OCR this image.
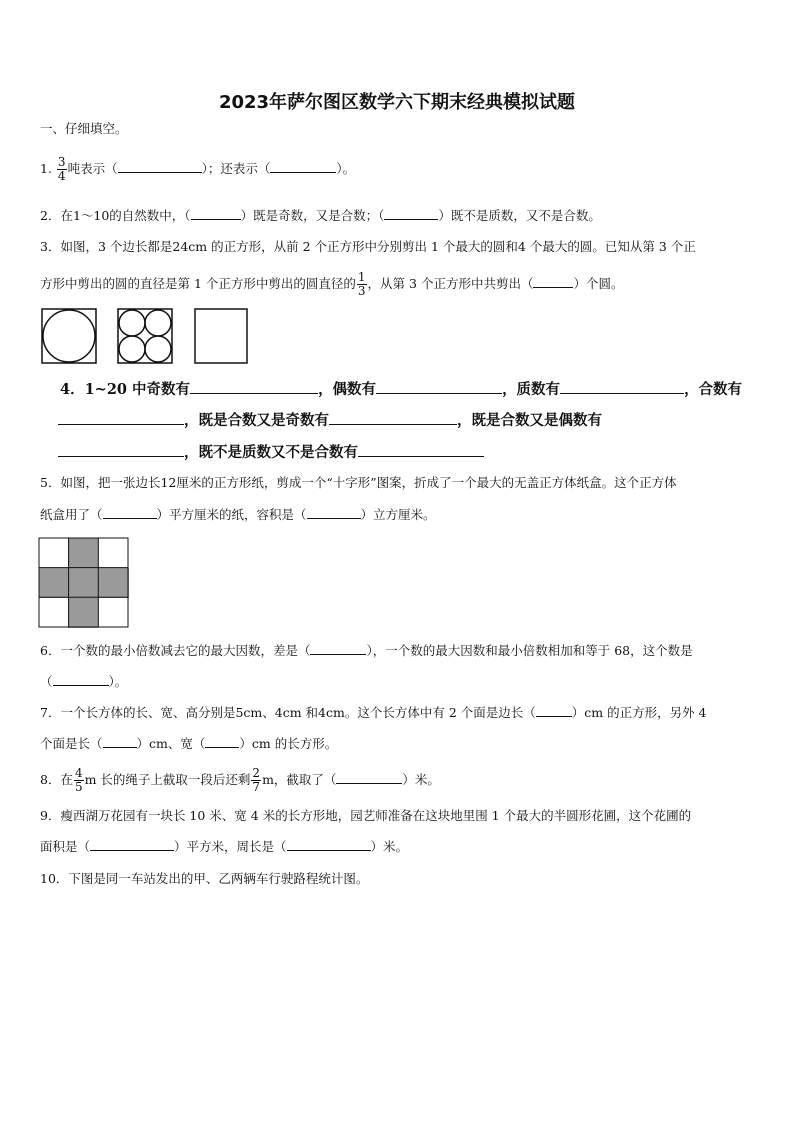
2023年萨尔图区数学六下期末经典模拟试题
一、仔细填空。
1. $\frac{3}{4}$ 吨表示（	）；还表示（	）。
2．在1～10的自然数中，（	）既是奇数，又是合数；（	）既不是质数，又不是合数。
3．如图，3 个边长都是24cm 的正方形，从前 2 个正方形中分别剪出 1 个最大的圆和4 个最大的圆。已知从第 3 个正
方形中剪出的圆的直径是第 1 个正方形中剪出的圆直径的 $\frac{1}{3}$ ，从第 3 个正方形中共剪出（	）个圆。
4．1~20 中奇数有	，偶数有	，质数有	，合数有
，既是合数又是奇数有	，既是合数又是偶数有
，既不是质数又不是合数有
5．如图，把一张边长12厘米的正方形纸，剪成一个“十字形”图案，折成了一个最大的无盖正方体纸盒。这个正方体
纸盒用了（	）平方厘米的纸，容积是（	）立方厘米。
6．一个数的最小倍数减去它的最大因数，差是（	），一个数的最大因数和最小倍数相加和等于 68，这个数是
（	）。
7．一个长方体的长、宽、高分别是5cm、4cm 和4cm。这个长方体中有 2 个面是边长（	）cm 的正方形，另外 4
个面是长（	）cm、宽（	）cm 的长方形。
8．在 $\frac{4}{5}$ m 长的绳子上截取一段后还剩 $\frac{2}{7}$ m，截取了（	）米。
9．瘦西湖万花园有一块长 10 米、宽 4 米的长方形地，园艺师准备在这块地里围 1 个最大的半圆形花圃，这个花圃的
面积是（	）平方米，周长是（	）米。
10．下图是同一车站发出的甲、乙两辆车行驶路程统计图。
